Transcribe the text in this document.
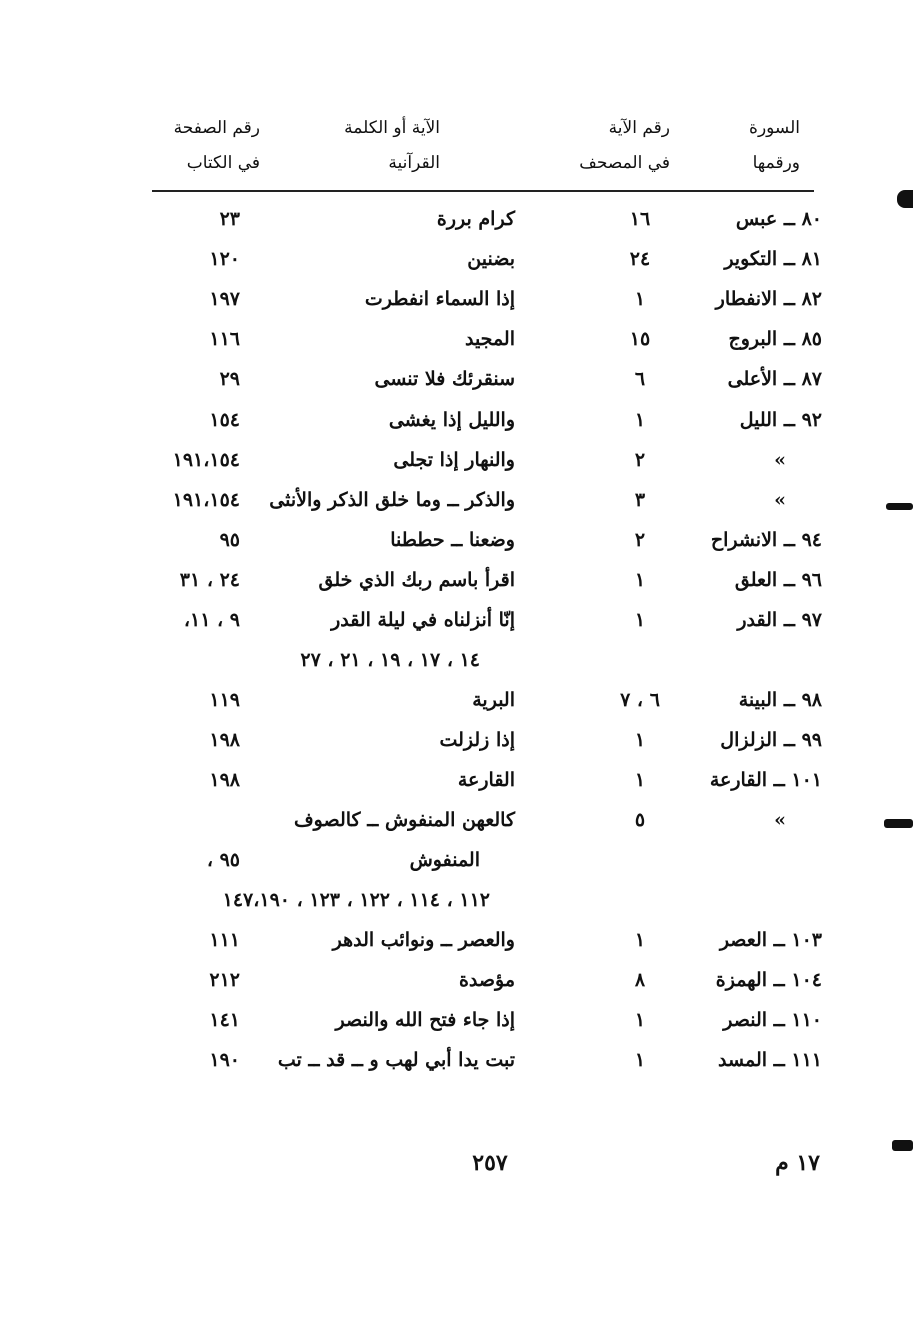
السورة
ورقمها
رقم الآية
في المصحف
الآية أو الكلمة
القرآنية
رقم الصفحة
في الكتاب
٨٠ ــ عبس
١٦
كرام بررة
٢٣
٨١ ــ التكوير
٢٤
بضنين
١٢٠
٨٢ ــ الانفطار
١
إذا السماء انفطرت
١٩٧
٨٥ ــ البروج
١٥
المجيد
١١٦
٨٧ ــ الأعلى
٦
سنقرئك فلا تنسى
٢٩
٩٢ ــ الليل
١
والليل إذا يغشى
١٥٤
»
٢
والنهار إذا تجلى
١٩١،١٥٤
»
٣
والذكر ــ وما خلق الذكر والأنثى
١٩١،١٥٤
٩٤ ــ الانشراح
٢
وضعنا ــ حططنا
٩٥
٩٦ ــ العلق
١
اقرأ باسم ربك الذي خلق
٢٤ ، ٣١
٩٧ ــ القدر
١
إنّا أنزلناه في ليلة القدر
٩ ، ١١،
١٤ ، ١٧ ، ١٩ ، ٢١ ، ٢٧
٩٨ ــ البينة
٦ ، ٧
البرية
١١٩
٩٩ ــ الزلزال
١
إذا زلزلت
١٩٨
١٠١ ــ القارعة
١
القارعة
١٩٨
»
٥
كالعهن المنفوش ــ كالصوف
المنفوش
٩٥ ،
١١٢ ، ١١٤ ، ١٢٢ ، ١٢٣ ، ١٤٧،١٩٠
١٠٣ ــ العصر
١
والعصر ــ ونوائب الدهر
١١١
١٠٤ ــ الهمزة
٨
مؤصدة
٢١٢
١١٠ ــ النصر
١
إذا جاء فتح الله والنصر
١٤١
١١١ ــ المسد
١
تبت يدا أبي لهب و ــ قد ــ تب
١٩٠
٢٥٧	١٧ م
